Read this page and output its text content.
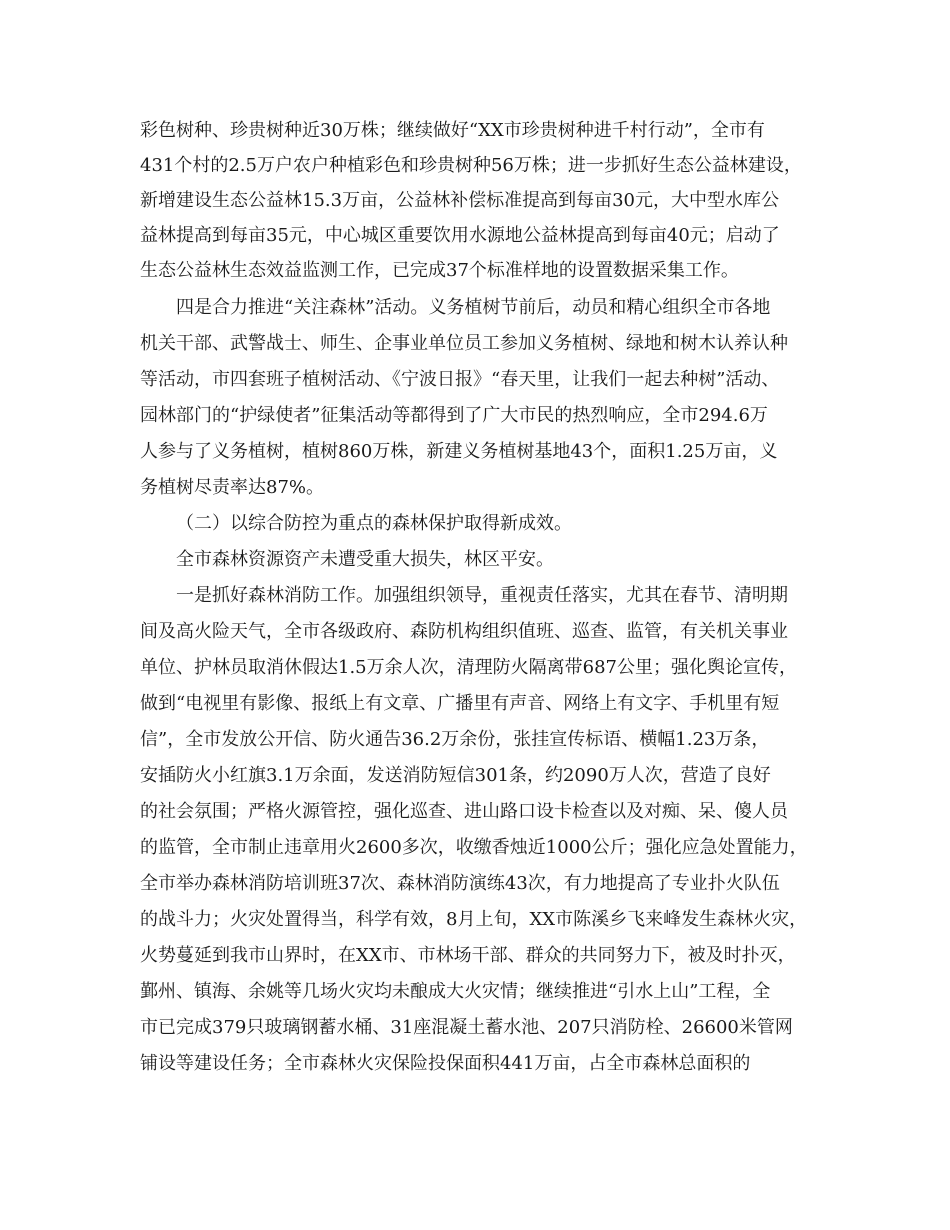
彩色树种、珍贵树种近30万株；继续做好“XX市珍贵树种进千村行动”，全市有
431个村的2.5万户农户种植彩色和珍贵树种56万株；进一步抓好生态公益林建设，
新增建设生态公益林15.3万亩，公益林补偿标准提高到每亩30元，大中型水库公
益林提高到每亩35元，中心城区重要饮用水源地公益林提高到每亩40元；启动了
生态公益林生态效益监测工作，已完成37个标准样地的设置数据采集工作。
四是合力推进“关注森林”活动。义务植树节前后，动员和精心组织全市各地
机关干部、武警战士、师生、企事业单位员工参加义务植树、绿地和树木认养认种
等活动，市四套班子植树活动、《宁波日报》“春天里，让我们一起去种树”活动、
园林部门的“护绿使者”征集活动等都得到了广大市民的热烈响应，全市294.6万
人参与了义务植树，植树860万株，新建义务植树基地43个，面积1.25万亩，义
务植树尽责率达87%。
（二）以综合防控为重点的森林保护取得新成效。
全市森林资源资产未遭受重大损失，林区平安。
一是抓好森林消防工作。加强组织领导，重视责任落实，尤其在春节、清明期
间及高火险天气，全市各级政府、森防机构组织值班、巡查、监管，有关机关事业
单位、护林员取消休假达1.5万余人次，清理防火隔离带687公里；强化舆论宣传，
做到“电视里有影像、报纸上有文章、广播里有声音、网络上有文字、手机里有短
信”，全市发放公开信、防火通告36.2万余份，张挂宣传标语、横幅1.23万条，
安插防火小红旗3.1万余面，发送消防短信301条，约2090万人次，营造了良好
的社会氛围；严格火源管控，强化巡查、进山路口设卡检查以及对痴、呆、傻人员
的监管，全市制止违章用火2600多次，收缴香烛近1000公斤；强化应急处置能力，
全市举办森林消防培训班37次、森林消防演练43次，有力地提高了专业扑火队伍
的战斗力；火灾处置得当，科学有效，8月上旬，XX市陈溪乡飞来峰发生森林火灾，
火势蔓延到我市山界时，在XX市、市林场干部、群众的共同努力下，被及时扑灭，
鄞州、镇海、余姚等几场火灾均未酿成大火灾情；继续推进“引水上山”工程，全
市已完成379只玻璃钢蓄水桶、31座混凝土蓄水池、207只消防栓、26600米管网
铺设等建设任务；全市森林火灾保险投保面积441万亩，占全市森林总面积的
